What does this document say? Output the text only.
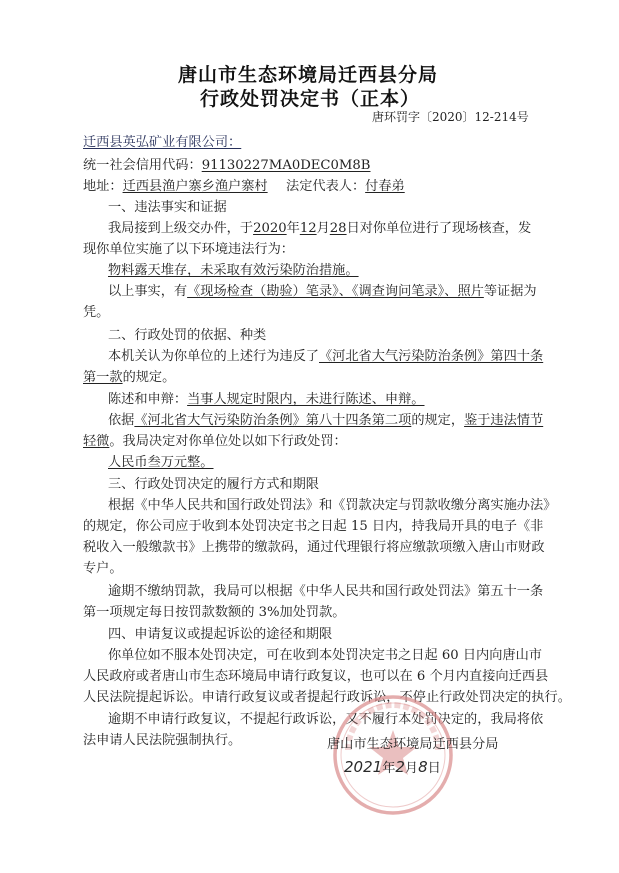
唐山市生态环境局迁西县分局
行政处罚决定书（正本）
唐环罚字〔2020〕12-214号
迁西县英弘矿业有限公司：
统一社会信用代码：91130227MA0DEC0M8B
地址：迁西县渔户寨乡渔户寨村 法定代表人：付春弟
一、违法事实和证据
我局接到上级交办件，于2020年12月28日对你单位进行了现场核查，发
现你单位实施了以下环境违法行为：
物料露天堆存，未采取有效污染防治措施。
以上事实，有《现场检查（勘验）笔录》、《调查询问笔录》、照片等证据为
凭。
二、行政处罚的依据、种类
本机关认为你单位的上述行为违反了《河北省大气污染防治条例》第四十条
第一款的规定。
陈述和申辩：当事人规定时限内，未进行陈述、申辩。
依据《河北省大气污染防治条例》第八十四条第二项的规定，鉴于违法情节
轻微。我局决定对你单位处以如下行政处罚：
人民币叁万元整。
三、行政处罚决定的履行方式和期限
根据《中华人民共和国行政处罚法》和《罚款决定与罚款收缴分离实施办法》
的规定，你公司应于收到本处罚决定书之日起 15 日内，持我局开具的电子《非
税收入一般缴款书》上携带的缴款码，通过代理银行将应缴款项缴入唐山市财政
专户。
逾期不缴纳罚款，我局可以根据《中华人民共和国行政处罚法》第五十一条
第一项规定每日按罚款数额的 3%加处罚款。
四、申请复议或提起诉讼的途径和期限
你单位如不服本处罚决定，可在收到本处罚决定书之日起 60 日内向唐山市
人民政府或者唐山市生态环境局申请行政复议，也可以在 6 个月内直接向迁西县
人民法院提起诉讼。申请行政复议或者提起行政诉讼，不停止行政处罚决定的执行。
逾期不申请行政复议，不提起行政诉讼，又不履行本处罚决定的，我局将依
法申请人民法院强制执行。	唐山市生态环境局迁西县分局
2021年2月8日
